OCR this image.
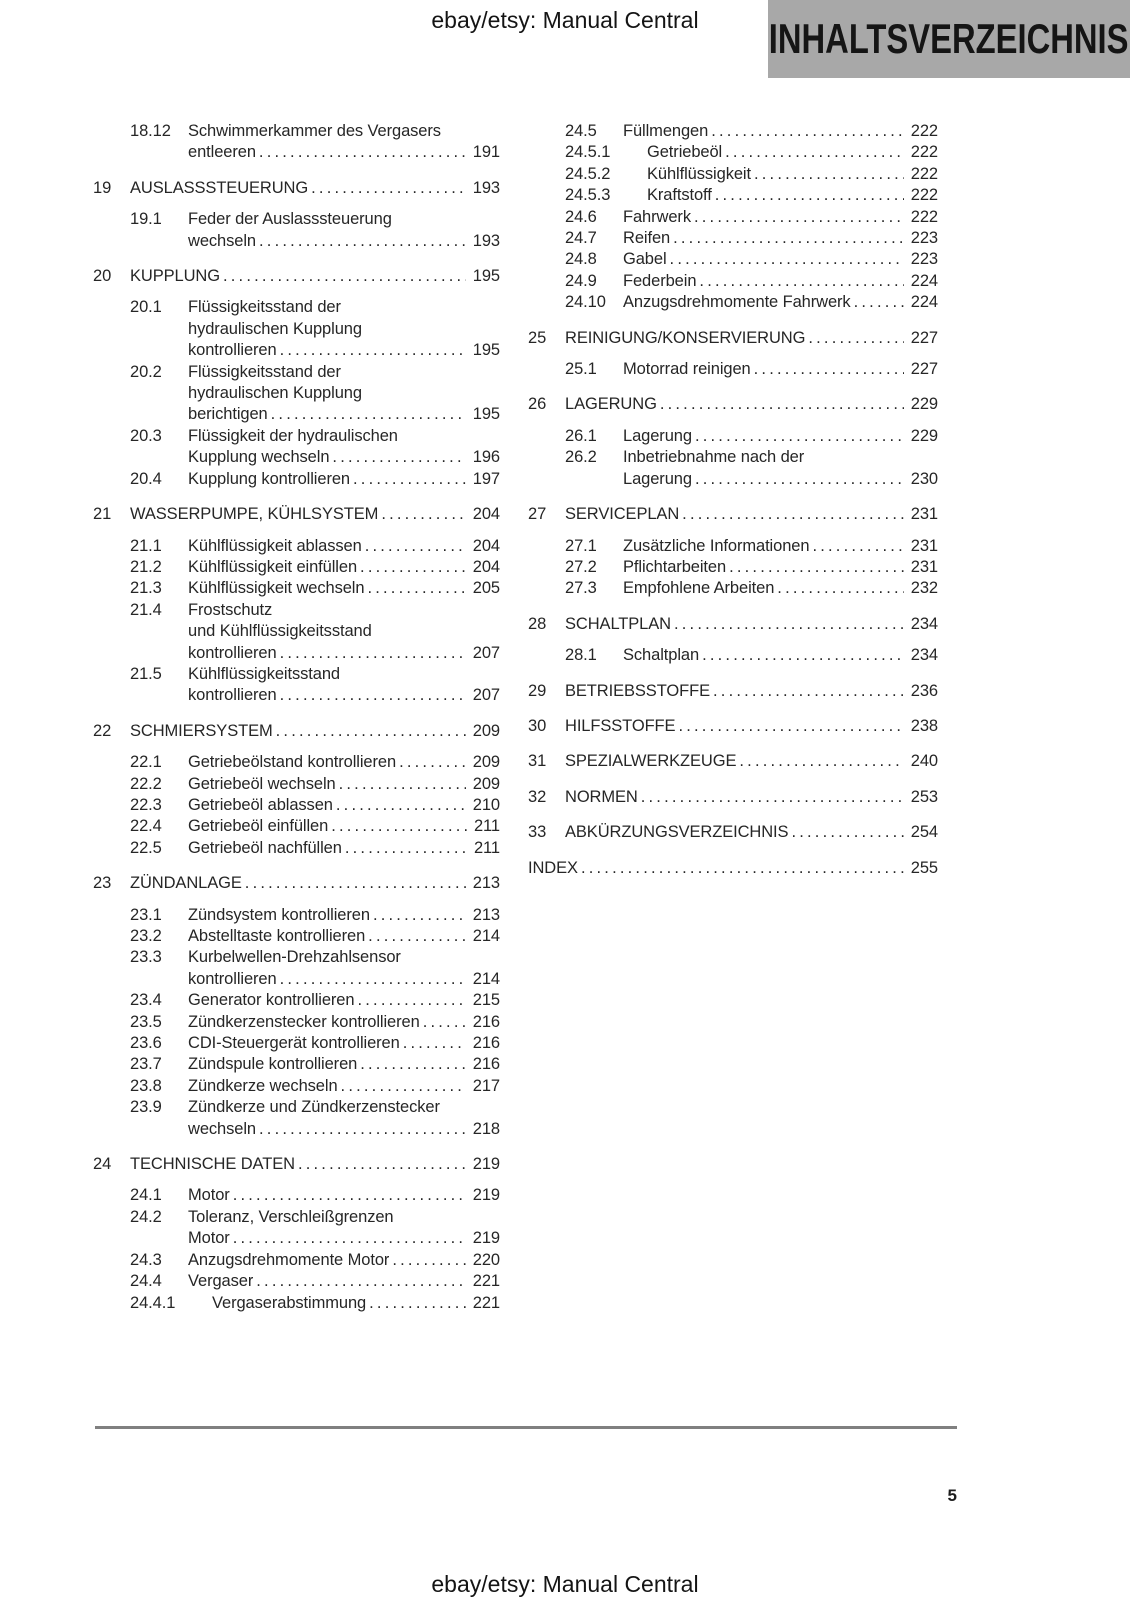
ebay/etsy: Manual Central	INHALTSVERZEICHNIS
18.12	Schwimmerkammer des Vergasers
entleeren .....	191
19	AUSLASSSTEUERUNG .....	193
19.1	Feder der Auslasssteuerung
wechseln .....	193
20	KUPPLUNG .....	195
20.1	Flüssigkeitsstand der
hydraulischen Kupplung
kontrollieren .....	195
20.2	Flüssigkeitsstand der
hydraulischen Kupplung
berichtigen .....	195
20.3	Flüssigkeit der hydraulischen
Kupplung wechseln .....	196
20.4	Kupplung kontrollieren .....	197
21	WASSERPUMPE, KÜHLSYSTEM .....	204
21.1	Kühlflüssigkeit ablassen .....	204
21.2	Kühlflüssigkeit einfüllen .....	204
21.3	Kühlflüssigkeit wechseln .....	205
21.4	Frostschutz
und Kühlflüssigkeitsstand
kontrollieren .....	207
21.5	Kühlflüssigkeitsstand
kontrollieren .....	207
22	SCHMIERSYSTEM .....	209
22.1	Getriebeölstand kontrollieren .....	209
22.2	Getriebeöl wechseln .....	209
22.3	Getriebeöl ablassen .....	210
22.4	Getriebeöl einfüllen .....	211
22.5	Getriebeöl nachfüllen .....	211
23	ZÜNDANLAGE .....	213
23.1	Zündsystem kontrollieren .....	213
23.2	Abstelltaste kontrollieren .....	214
23.3	Kurbelwellen-Drehzahlsensor
kontrollieren .....	214
23.4	Generator kontrollieren .....	215
23.5	Zündkerzenstecker kontrollieren .....	216
23.6	CDI-Steuergerät kontrollieren .....	216
23.7	Zündspule kontrollieren .....	216
23.8	Zündkerze wechseln .....	217
23.9	Zündkerze und Zündkerzenstecker
wechseln .....	218
24	TECHNISCHE DATEN .....	219
24.1	Motor .....	219
24.2	Toleranz, Verschleißgrenzen
Motor .....	219
24.3	Anzugsdrehmomente Motor .....	220
24.4	Vergaser .....	221
24.4.1	Vergaserabstimmung .....	221
24.5	Füllmengen .....	222
24.5.1	Getriebeöl .....	222
24.5.2	Kühlflüssigkeit .....	222
24.5.3	Kraftstoff .....	222
24.6	Fahrwerk .....	222
24.7	Reifen .....	223
24.8	Gabel .....	223
24.9	Federbein .....	224
24.10	Anzugsdrehmomente Fahrwerk .....	224
25	REINIGUNG/KONSERVIERUNG .....	227
25.1	Motorrad reinigen .....	227
26	LAGERUNG .....	229
26.1	Lagerung .....	229
26.2	Inbetriebnahme nach der
Lagerung .....	230
27	SERVICEPLAN .....	231
27.1	Zusätzliche Informationen .....	231
27.2	Pflichtarbeiten .....	231
27.3	Empfohlene Arbeiten .....	232
28	SCHALTPLAN .....	234
28.1	Schaltplan .....	234
29	BETRIEBSSTOFFE .....	236
30	HILFSSTOFFE .....	238
31	SPEZIALWERKZEUGE .....	240
32	NORMEN .....	253
33	ABKÜRZUNGSVERZEICHNIS .....	254
INDEX .....	255
5
ebay/etsy: Manual Central
